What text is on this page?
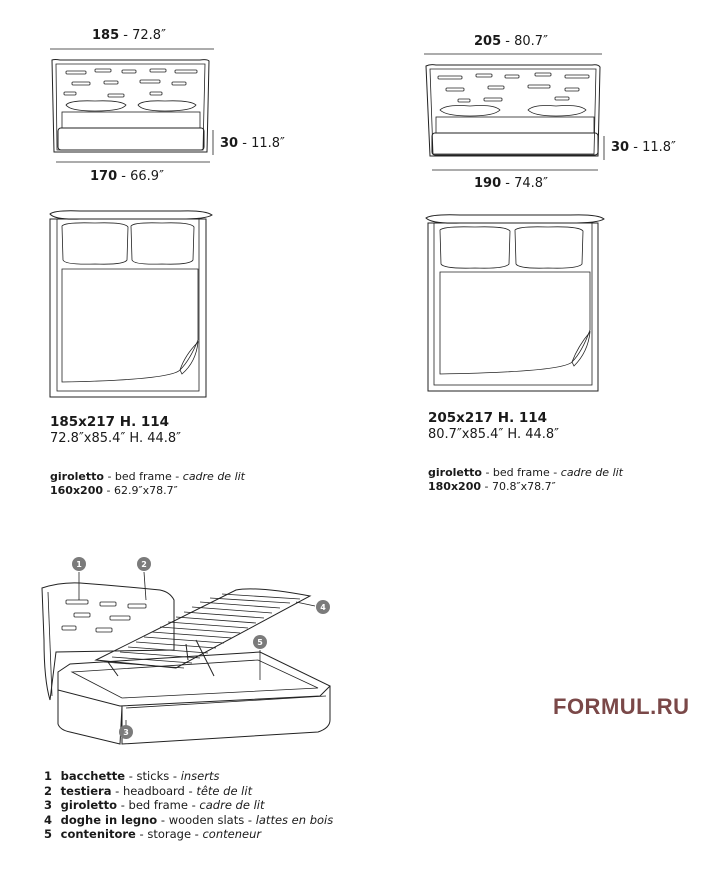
1	2
3
4
5
185 - 72.8″
30 - 11.8″
170 - 66.9″
205 - 80.7″
30 - 11.8″
190 - 74.8″
185x217 H. 114
72.8″x85.4″ H. 44.8″
giroletto - bed frame - cadre de lit
160x200 - 62.9″x78.7″
205x217 H. 114
80.7″x85.4″ H. 44.8″
giroletto - bed frame - cadre de lit
180x200 - 70.8″x78.7″
FORMUL.RU
1 bacchette - sticks - inserts
2 testiera - headboard - tête de lit
3 giroletto - bed frame - cadre de lit
4 doghe in legno - wooden slats - lattes en bois
5 contenitore - storage - conteneur
